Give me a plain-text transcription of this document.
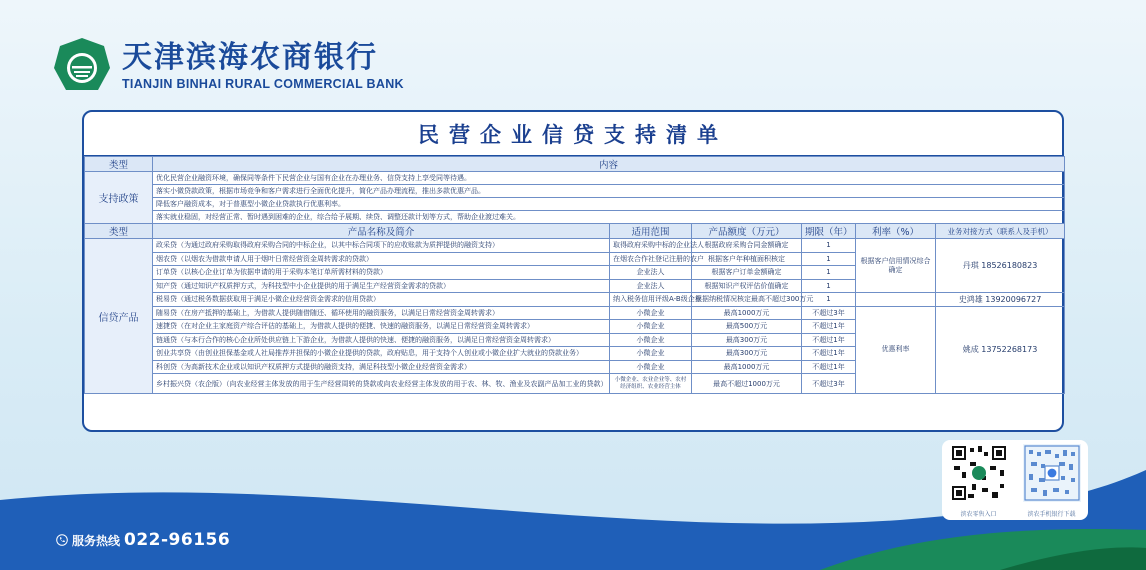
天津滨海农商银行
TIANJIN BINHAI RURAL COMMERCIAL BANK
民营企业信贷支持清单
类型	内容					
支持政策	优化民营企业融资环境，确保同等条件下民营企业与国有企业在办理业务、信贷支持上享受同等待遇。					
	落实小微贷款政策，根据市场竞争和客户需求进行全面优化提升，简化产品办理流程，推出多款优惠产品。					
	降低客户融资成本，对于普惠型小微企业贷款执行优惠利率。					
	落实就业稳固，对经营正常、暂时遇到困难的企业，综合给予展期、续贷、调整还款计划等方式，帮助企业渡过难关。					
类型	产品名称及简介	适用范围	产品额度（万元）	期限（年）	利率（%）	业务对接方式（联系人及手机）
信贷产品	政采贷（为通过政府采购取得政府采购合同的中标企业，以其中标合同项下的应收账款为质押提供的融资支持）	取得政府采购中标的企业法人	根据政府采购合同金额确定	1	根据客户信用情况综合确定	丹琪 18526180823
	烟农贷（以烟农为借款申请人用于烟叶日常经营资金周转需求的贷款）	在烟农合作社登记注册的农户	根据客户年种植面积核定	1		
	订单贷（以核心企业订单为依据申请的用于采购本笔订单所需材料的贷款）	企业法人	根据客户订单金额确定	1		
	知产贷（通过知识产权质押方式，为科技型中小企业提供的用于满足生产经营资金需求的贷款）	企业法人	根据知识产权评估价值确定	1		
	税易贷（通过税务数据获取用于满足小微企业经营资金需求的信用贷款）	纳入税务信用评级A-B级企业	根据纳税情况核定最高不超过300万元	1		史鸿雄 13920096727
	随易贷（在房产抵押的基础上，为借款人提供随借随还、循环使用的融资服务，以满足日常经营资金周转需求）	小微企业	最高1000万元	不超过3年	优惠利率	姚成 13752268173
	速捷贷（在对企业主家庭资产综合评估的基础上，为借款人提供的便捷、快速的融资服务，以满足日常经营资金周转需求）	小微企业	最高500万元	不超过1年		
	链通贷（与本行合作的核心企业所处供应链上下游企业，为借款人提供的快速、便捷的融资服务，以满足日常经营资金周转需求）	小微企业	最高300万元	不超过1年		
	创业共享贷（由创业担保基金或人社局推荐并担保的小微企业提供的贷款，政府贴息，用于支持个人创业或小微企业扩大就业的贷款业务）	小微企业	最高300万元	不超过1年		
	科创贷（为高新技术企业或以知识产权质押方式提供的融资支持，满足科技型小微企业经营资金需求）	小微企业	最高1000万元	不超过1年		
	乡村振兴贷（农企版）（向农业经营主体发放的用于生产经营周转的贷款或向农业经营主体发放的用于农、林、牧、渔业及农副产品加工业的贷款）	小微企业、农业企业等、农村经济组织、农业经营主体	最高不超过1000万元	不超过3年		
滨农零售入口	滨农手机银行下载
服务热线 022-96156
